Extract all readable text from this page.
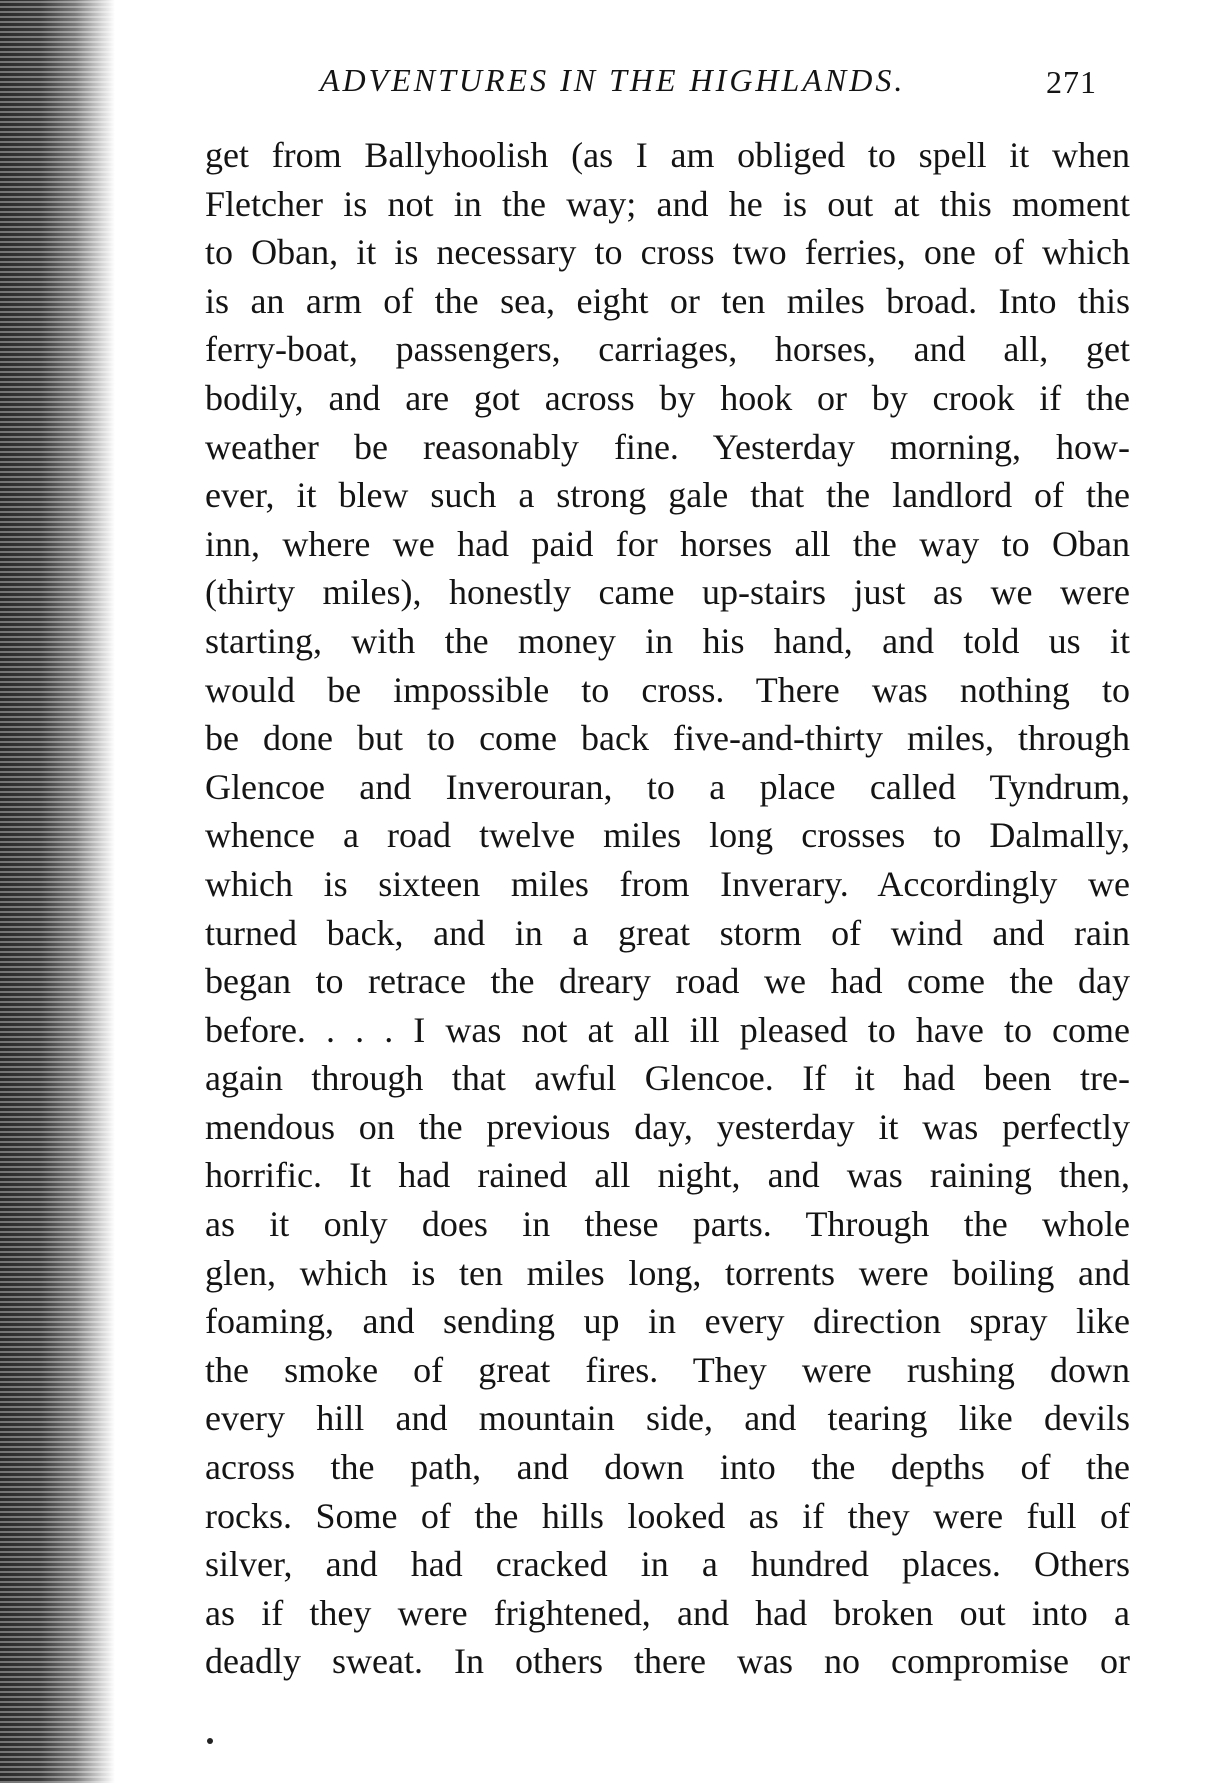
ADVENTURES IN THE HIGHLANDS.	271
get from Ballyhoolish (as I am obliged to spell it when
Fletcher is not in the way; and he is out at this moment
to Oban, it is necessary to cross two ferries, one of which
is an arm of the sea, eight or ten miles broad. Into this
ferry-boat, passengers, carriages, horses, and all, get
bodily, and are got across by hook or by crook if the
weather be reasonably fine. Yesterday morning, how-
ever, it blew such a strong gale that the landlord of the
inn, where we had paid for horses all the way to Oban
(thirty miles), honestly came up-stairs just as we were
starting, with the money in his hand, and told us it
would be impossible to cross. There was nothing to
be done but to come back five-and-thirty miles, through
Glencoe and Inverouran, to a place called Tyndrum,
whence a road twelve miles long crosses to Dalmally,
which is sixteen miles from Inverary. Accordingly we
turned back, and in a great storm of wind and rain
began to retrace the dreary road we had come the day
before. . . . I was not at all ill pleased to have to come
again through that awful Glencoe. If it had been tre-
mendous on the previous day, yesterday it was perfectly
horrific. It had rained all night, and was raining then,
as it only does in these parts. Through the whole
glen, which is ten miles long, torrents were boiling and
foaming, and sending up in every direction spray like
the smoke of great fires. They were rushing down
every hill and mountain side, and tearing like devils
across the path, and down into the depths of the
rocks. Some of the hills looked as if they were full of
silver, and had cracked in a hundred places. Others
as if they were frightened, and had broken out into a
deadly sweat. In others there was no compromise or
